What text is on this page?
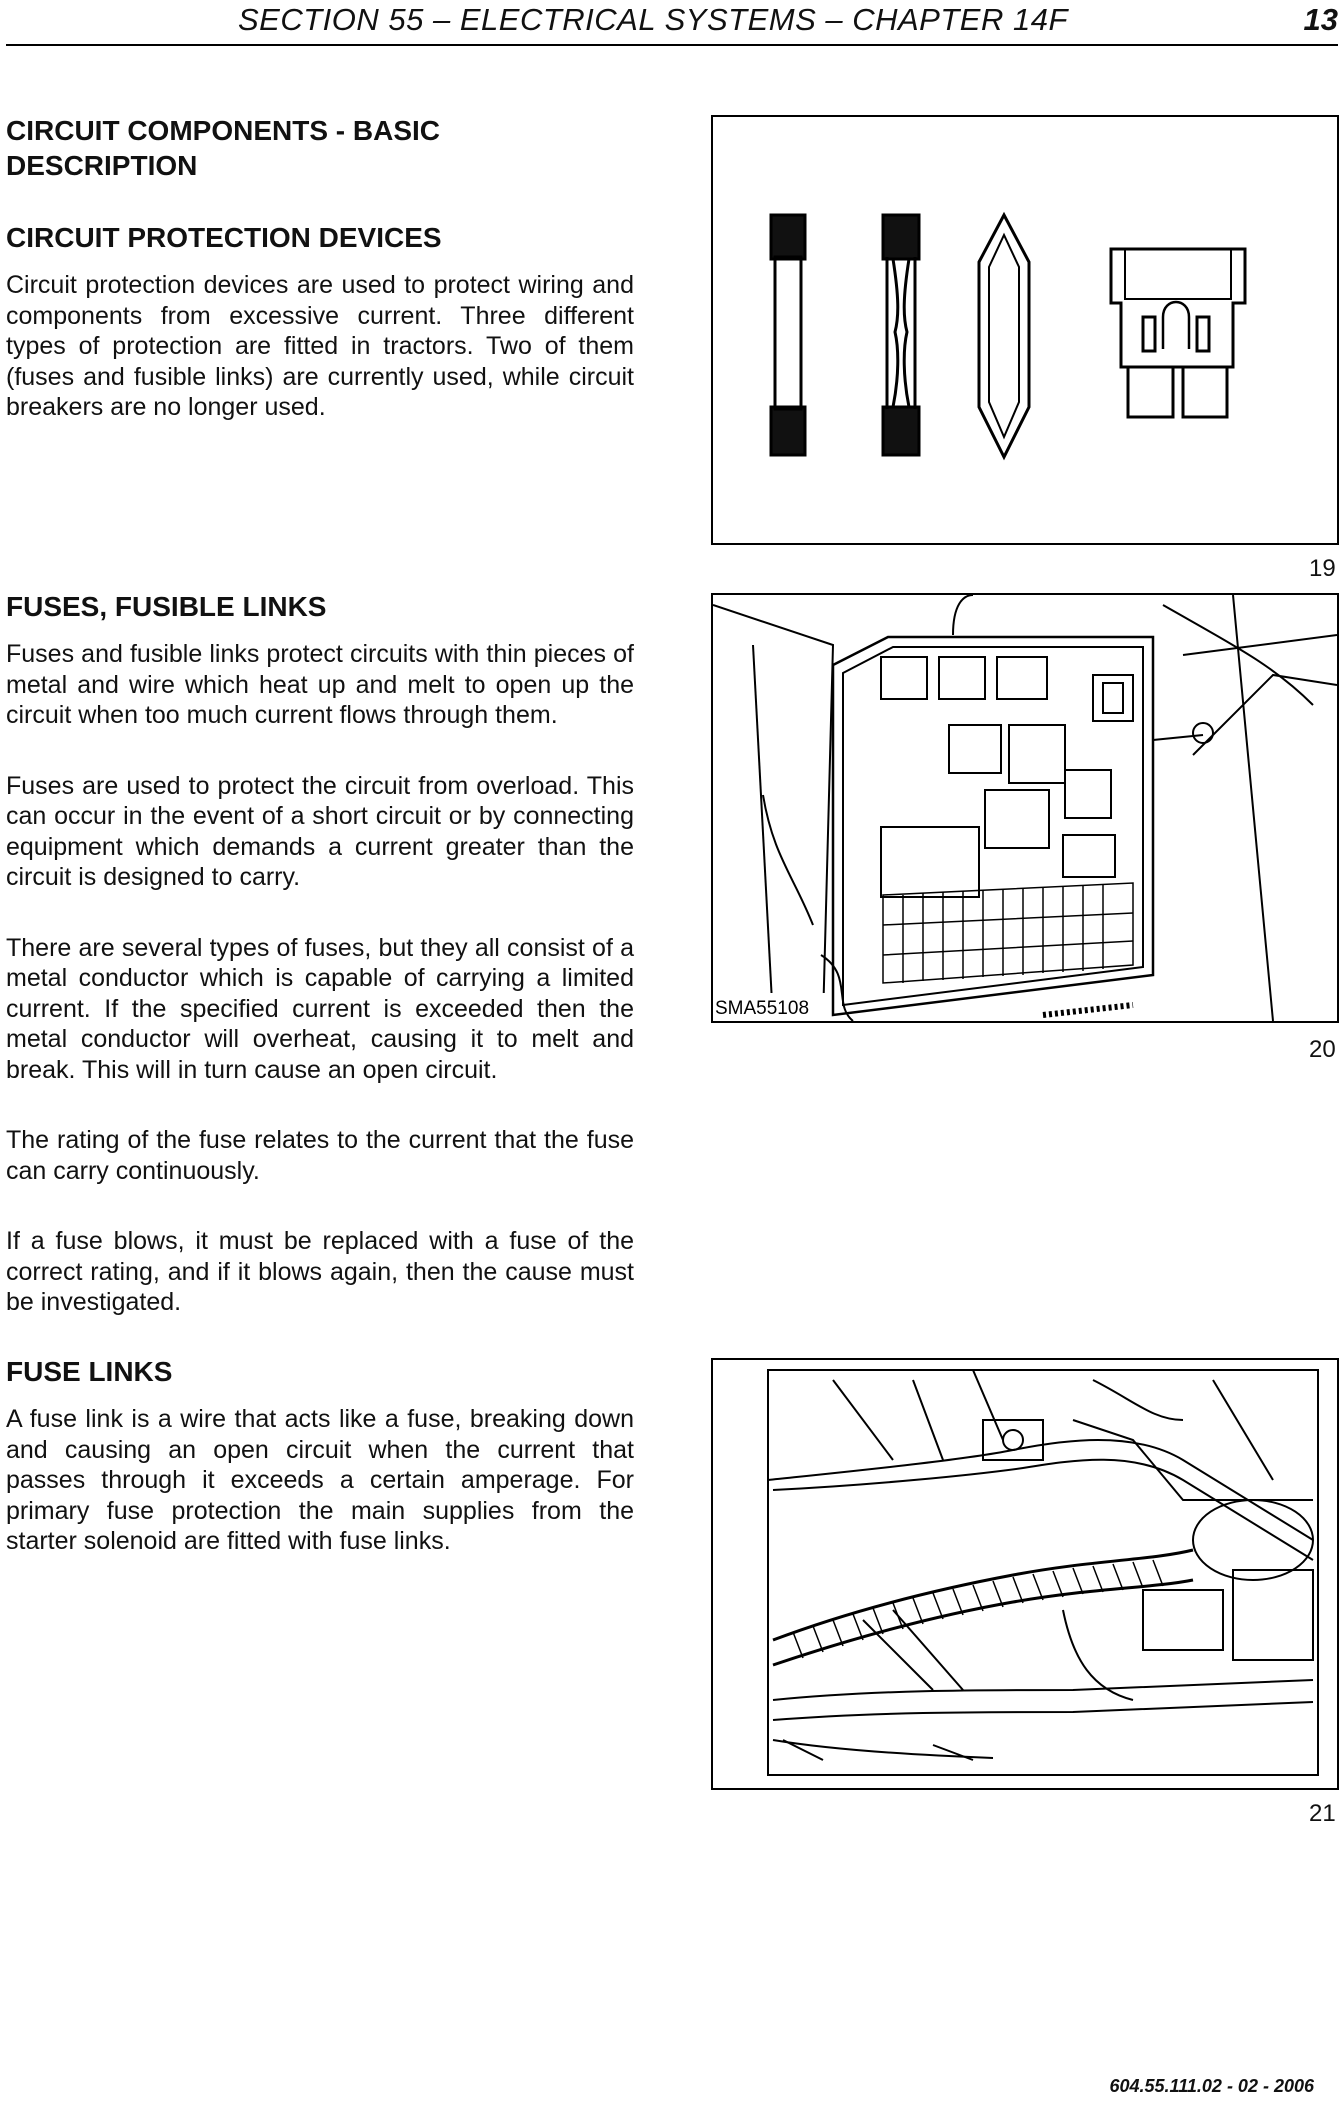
SECTION 55 – ELECTRICAL SYSTEMS – CHAPTER 14F	13
CIRCUIT COMPONENTS - BASIC DESCRIPTION
CIRCUIT PROTECTION DEVICES

Circuit protection devices are used to protect wiring and components from excessive current. Three different types of protection are fitted in tractors. Two of them (fuses and fusible links) are currently used, while circuit breakers are no longer used.

FUSES, FUSIBLE LINKS

Fuses and fusible links protect circuits with thin pieces of metal and wire which heat up and melt to open up the circuit when too much current flows through them.

Fuses are used to protect the circuit from overload. This can occur in the event of a short circuit or by connecting equipment which demands a current greater than the circuit is designed to carry.

There are several types of fuses, but they all consist of a metal conductor which is capable of carrying a limited current. If the specified current is exceeded then the metal conductor will overheat, causing it to melt and break. This will in turn cause an open circuit.

The rating of the fuse relates to the current that the fuse can carry continuously.

If a fuse blows, it must be replaced with a fuse of the correct rating, and if it blows again, then the cause must be investigated.

FUSE LINKS

A fuse link is a wire that acts like a fuse, breaking down and causing an open circuit when the current that passes through it exceeds a certain amperage. For primary fuse protection the main supplies from the starter solenoid are fitted with fuse links.

19
SMA55108
20
21
604.55.111.02 - 02 - 2006
